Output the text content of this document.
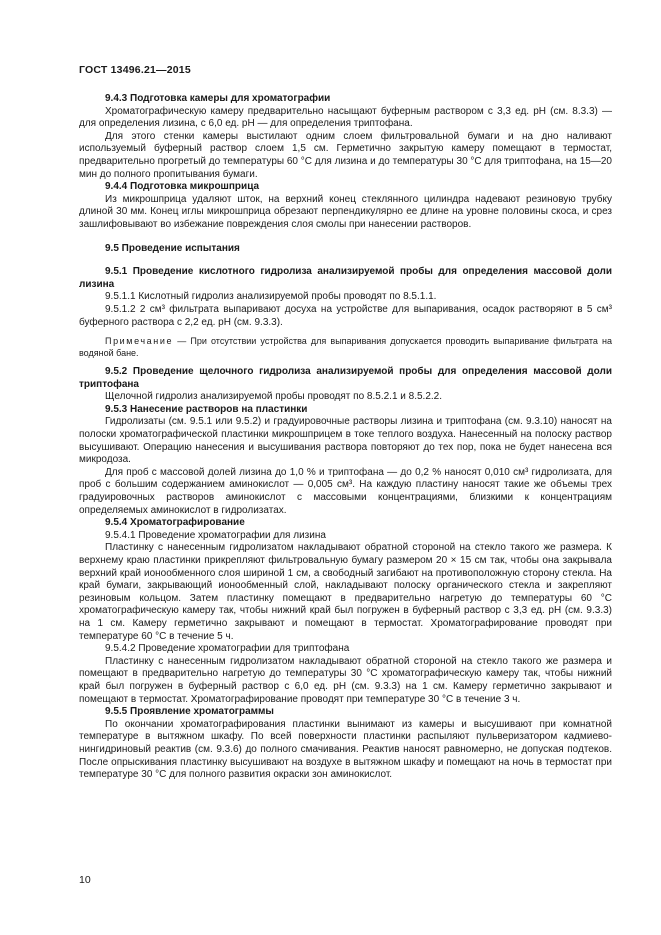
ГОСТ 13496.21—2015

9.4.3 Подготовка камеры для хроматографии

Хроматографическую камеру предварительно насыщают буферным раствором с 3,3 ед. рН (см. 8.3.3) — для определения лизина, с 6,0 ед. рН — для определения триптофана.

Для этого стенки камеры выстилают одним слоем фильтровальной бумаги и на дно наливают используемый буферный раствор слоем 1,5 см. Герметично закрытую камеру помещают в термостат, предварительно прогретый до температуры 60 °С для лизина и до температуры 30 °С для триптофана, на 15—20 мин до полного пропитывания бумаги.

9.4.4 Подготовка микрошприца

Из микрошприца удаляют шток, на верхний конец стеклянного цилиндра надевают резиновую трубку длиной 30 мм. Конец иглы микрошприца обрезают перпендикулярно ее длине на уровне половины скоса, и срез зашлифовывают во избежание повреждения слоя смолы при нанесении растворов.

9.5 Проведение испытания

9.5.1 Проведение кислотного гидролиза анализируемой пробы для определения массовой доли лизина

9.5.1.1 Кислотный гидролиз анализируемой пробы проводят по 8.5.1.1.

9.5.1.2 2 см³ фильтрата выпаривают досуха на устройстве для выпаривания, осадок растворяют в 5 см³ буферного раствора с 2,2 ед. рН (см. 9.3.3).

Примечание — При отсутствии устройства для выпаривания допускается проводить выпаривание фильтрата на водяной бане.

9.5.2 Проведение щелочного гидролиза анализируемой пробы для определения массовой доли триптофана

Щелочной гидролиз анализируемой пробы проводят по 8.5.2.1 и 8.5.2.2.

9.5.3 Нанесение растворов на пластинки

Гидролизаты (см. 9.5.1 или 9.5.2) и градуировочные растворы лизина и триптофана (см. 9.3.10) наносят на полоски хроматографической пластинки микрошприцем в токе теплого воздуха. Нанесенный на полоску раствор высушивают. Операцию нанесения и высушивания раствора повторяют до тех пор, пока не будет нанесена вся микродоза.

Для проб с массовой долей лизина до 1,0 % и триптофана — до 0,2 % наносят 0,010 см³ гидролизата, для проб с большим содержанием аминокислот — 0,005 см³. На каждую пластину наносят такие же объемы трех градуировочных растворов аминокислот с массовыми концентрациями, близкими к концентрациям определяемых аминокислот в гидролизатах.

9.5.4 Хроматографирование

9.5.4.1 Проведение хроматографии для лизина

Пластинку с нанесенным гидролизатом накладывают обратной стороной на стекло такого же размера. К верхнему краю пластинки прикрепляют фильтровальную бумагу размером 20 × 15 см так, чтобы она закрывала верхний край ионообменного слоя шириной 1 см, а свободный загибают на противоположную сторону стекла. На край бумаги, закрывающий ионообменный слой, накладывают полоску органического стекла и закрепляют резиновым кольцом. Затем пластинку помещают в предварительно нагретую до температуры 60 °С хроматографическую камеру так, чтобы нижний край был погружен в буферный раствор с 3,3 ед. рН (см. 9.3.3) на 1 см. Камеру герметично закрывают и помещают в термостат. Хроматографирование проводят при температуре 60 °С в течение 5 ч.

9.5.4.2 Проведение хроматографии для триптофана

Пластинку с нанесенным гидролизатом накладывают обратной стороной на стекло такого же размера и помещают в предварительно нагретую до температуры 30 °С хроматографическую камеру так, чтобы нижний край был погружен в буферный раствор с 6,0 ед. рН (см. 9.3.3) на 1 см. Камеру герметично закрывают и помещают в термостат. Хроматографирование проводят при температуре 30 °С в течение 3 ч.

9.5.5 Проявление хроматограммы

По окончании хроматографирования пластинки вынимают из камеры и высушивают при комнатной температуре в вытяжном шкафу. По всей поверхности пластинки распыляют пульверизатором кадмиево-нингидриновый реактив (см. 9.3.6) до полного смачивания. Реактив наносят равномерно, не допуская подтеков. После опрыскивания пластинку высушивают на воздухе в вытяжном шкафу и помещают на ночь в термостат при температуре 30 °С для полного развития окраски зон аминокислот.

10
